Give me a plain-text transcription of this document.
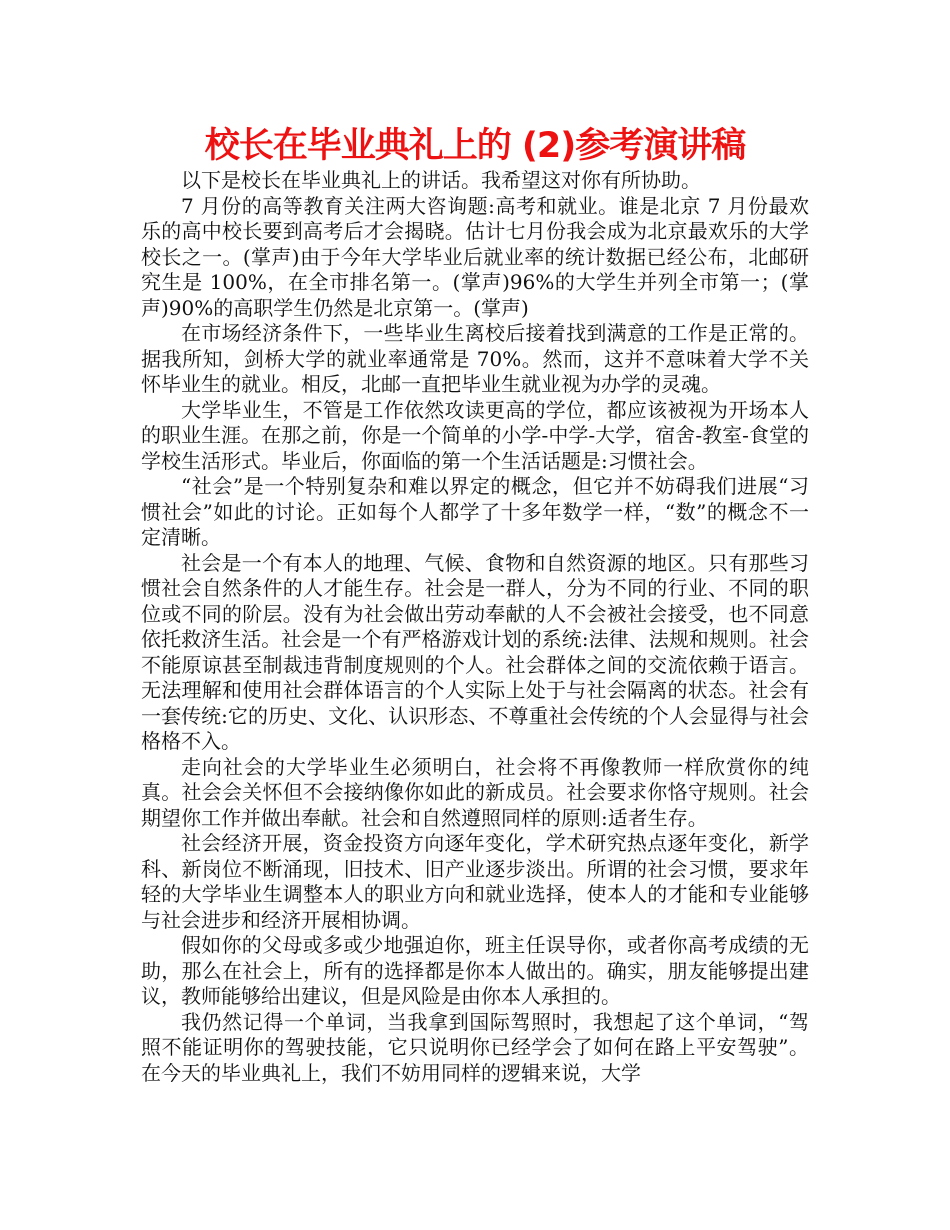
校长在毕业典礼上的 (2)参考演讲稿

以下是校长在毕业典礼上的讲话。我希望这对你有所协助。

7 月份的高等教育关注两大咨询题:高考和就业。谁是北京 7 月份最欢乐的高中校长要到高考后才会揭晓。估计七月份我会成为北京最欢乐的大学校长之一。(掌声)由于今年大学毕业后就业率的统计数据已经公布，北邮研究生是 100%，在全市排名第一。(掌声)96%的大学生并列全市第一；(掌声)90%的高职学生仍然是北京第一。(掌声)

在市场经济条件下，一些毕业生离校后接着找到满意的工作是正常的。据我所知，剑桥大学的就业率通常是 70%。然而，这并不意味着大学不关怀毕业生的就业。相反，北邮一直把毕业生就业视为办学的灵魂。

大学毕业生，不管是工作依然攻读更高的学位，都应该被视为开场本人的职业生涯。在那之前，你是一个简单的小学-中学-大学，宿舍-教室-食堂的学校生活形式。毕业后，你面临的第一个生活话题是:习惯社会。

“社会”是一个特别复杂和难以界定的概念，但它并不妨碍我们进展“习惯社会”如此的讨论。正如每个人都学了十多年数学一样，“数”的概念不一定清晰。

社会是一个有本人的地理、气候、食物和自然资源的地区。只有那些习惯社会自然条件的人才能生存。社会是一群人，分为不同的行业、不同的职位或不同的阶层。没有为社会做出劳动奉献的人不会被社会接受，也不同意依托救济生活。社会是一个有严格游戏计划的系统:法律、法规和规则。社会不能原谅甚至制裁违背制度规则的个人。社会群体之间的交流依赖于语言。无法理解和使用社会群体语言的个人实际上处于与社会隔离的状态。社会有一套传统:它的历史、文化、认识形态、不尊重社会传统的个人会显得与社会格格不入。

走向社会的大学毕业生必须明白，社会将不再像教师一样欣赏你的纯真。社会会关怀但不会接纳像你如此的新成员。社会要求你恪守规则。社会期望你工作并做出奉献。社会和自然遵照同样的原则:适者生存。

社会经济开展，资金投资方向逐年变化，学术研究热点逐年变化，新学科、新岗位不断涌现，旧技术、旧产业逐步淡出。所谓的社会习惯，要求年轻的大学毕业生调整本人的职业方向和就业选择，使本人的才能和专业能够与社会进步和经济开展相协调。

假如你的父母或多或少地强迫你，班主任误导你，或者你高考成绩的无助，那么在社会上，所有的选择都是你本人做出的。确实，朋友能够提出建议，教师能够给出建议，但是风险是由你本人承担的。

我仍然记得一个单词，当我拿到国际驾照时，我想起了这个单词，“驾照不能证明你的驾驶技能，它只说明你已经学会了如何在路上平安驾驶”。在今天的毕业典礼上，我们不妨用同样的逻辑来说，大学
